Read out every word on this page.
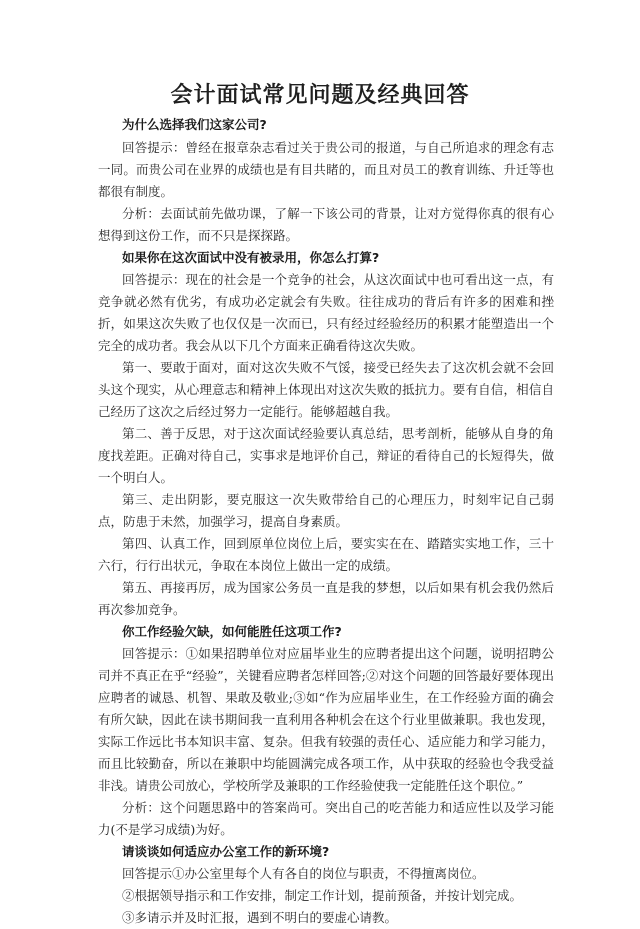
会计面试常见问题及经典回答

为什么选择我们这家公司?

回答提示：曾经在报章杂志看过关于贵公司的报道，与自己所追求的理念有志一同。而贵公司在业界的成绩也是有目共睹的，而且对员工的教育训练、升迁等也都很有制度。

分析：去面试前先做功课，了解一下该公司的背景，让对方觉得你真的很有心想得到这份工作，而不只是探探路。

如果你在这次面试中没有被录用，你怎么打算?

回答提示：现在的社会是一个竞争的社会，从这次面试中也可看出这一点，有竞争就必然有优劣，有成功必定就会有失败。往往成功的背后有许多的困难和挫折，如果这次失败了也仅仅是一次而已，只有经过经验经历的积累才能塑造出一个完全的成功者。我会从以下几个方面来正确看待这次失败。

第一、要敢于面对，面对这次失败不气馁，接受已经失去了这次机会就不会回头这个现实，从心理意志和精神上体现出对这次失败的抵抗力。要有自信，相信自己经历了这次之后经过努力一定能行。能够超越自我。

第二、善于反思，对于这次面试经验要认真总结，思考剖析，能够从自身的角度找差距。正确对待自己，实事求是地评价自己，辩证的看待自己的长短得失，做一个明白人。

第三、走出阴影，要克服这一次失败带给自己的心理压力，时刻牢记自己弱点，防患于未然，加强学习，提高自身素质。

第四、认真工作，回到原单位岗位上后，要实实在在、踏踏实实地工作，三十六行，行行出状元，争取在本岗位上做出一定的成绩。

第五、再接再厉，成为国家公务员一直是我的梦想，以后如果有机会我仍然后再次参加竞争。

你工作经验欠缺，如何能胜任这项工作?

回答提示：①如果招聘单位对应届毕业生的应聘者提出这个问题，说明招聘公司并不真正在乎“经验”，关键看应聘者怎样回答;②对这个问题的回答最好要体现出应聘者的诚恳、机智、果敢及敬业;③如“作为应届毕业生，在工作经验方面的确会有所欠缺，因此在读书期间我一直利用各种机会在这个行业里做兼职。我也发现，实际工作远比书本知识丰富、复杂。但我有较强的责任心、适应能力和学习能力，而且比较勤奋，所以在兼职中均能圆满完成各项工作，从中获取的经验也令我受益非浅。请贵公司放心，学校所学及兼职的工作经验使我一定能胜任这个职位。”

分析：这个问题思路中的答案尚可。突出自己的吃苦能力和适应性以及学习能力(不是学习成绩)为好。

请谈谈如何适应办公室工作的新环境?

回答提示①办公室里每个人有各自的岗位与职责，不得擅离岗位。

②根据领导指示和工作安排，制定工作计划，提前预备，并按计划完成。

③多请示并及时汇报，遇到不明白的要虚心请教。
